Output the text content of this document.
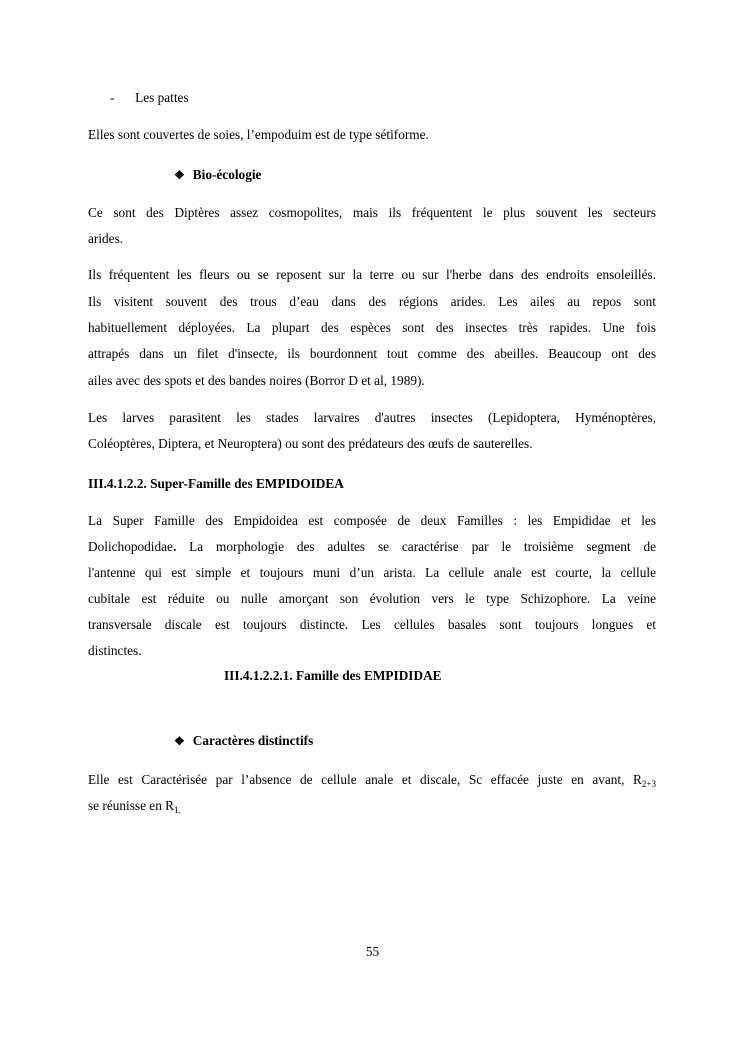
- Les pattes
Elles sont couvertes de soies, l’empoduim est de type sétiforme.
❖ Bio-écologie
Ce sont des Diptères assez cosmopolites, mais ils fréquentent le plus souvent les secteurs
arides.
Ils fréquentent les fleurs ou se reposent sur la terre ou sur l'herbe dans des endroits ensoleillés.
Ils visitent souvent des trous d’eau dans des régions arides. Les ailes au repos sont
habituellement déployées. La plupart des espèces sont des insectes très rapides. Une fois
attrapés dans un filet d'insecte, ils bourdonnent tout comme des abeilles. Beaucoup ont des
ailes avec des spots et des bandes noires (Borror D et al, 1989).
Les larves parasitent les stades larvaires d'autres insectes (Lepidoptera, Hyménoptères,
Coléoptères, Diptera, et Neuroptera) ou sont des prédateurs des œufs de sauterelles.
III.4.1.2.2. Super-Famille des EMPIDOIDEA
La Super Famille des Empidoidea est composée de deux Familles : les Empididae et les
Dolichopodidae. La morphologie des adultes se caractérise par le troisième segment de
l'antenne qui est simple et toujours muni d’un arista. La cellule anale est courte, la cellule
cubitale est réduite ou nulle amorçant son évolution vers le type Schizophore. La veine
transversale discale est toujours distincte. Les cellules basales sont toujours longues et
distinctes.
III.4.1.2.2.1. Famille des EMPIDIDAE
❖ Caractères distinctifs
Elle est Caractérisée par l’absence de cellule anale et discale, Sc effacée juste en avant, $R_{2+3}$
se réunisse en $R_{1.}$
55
